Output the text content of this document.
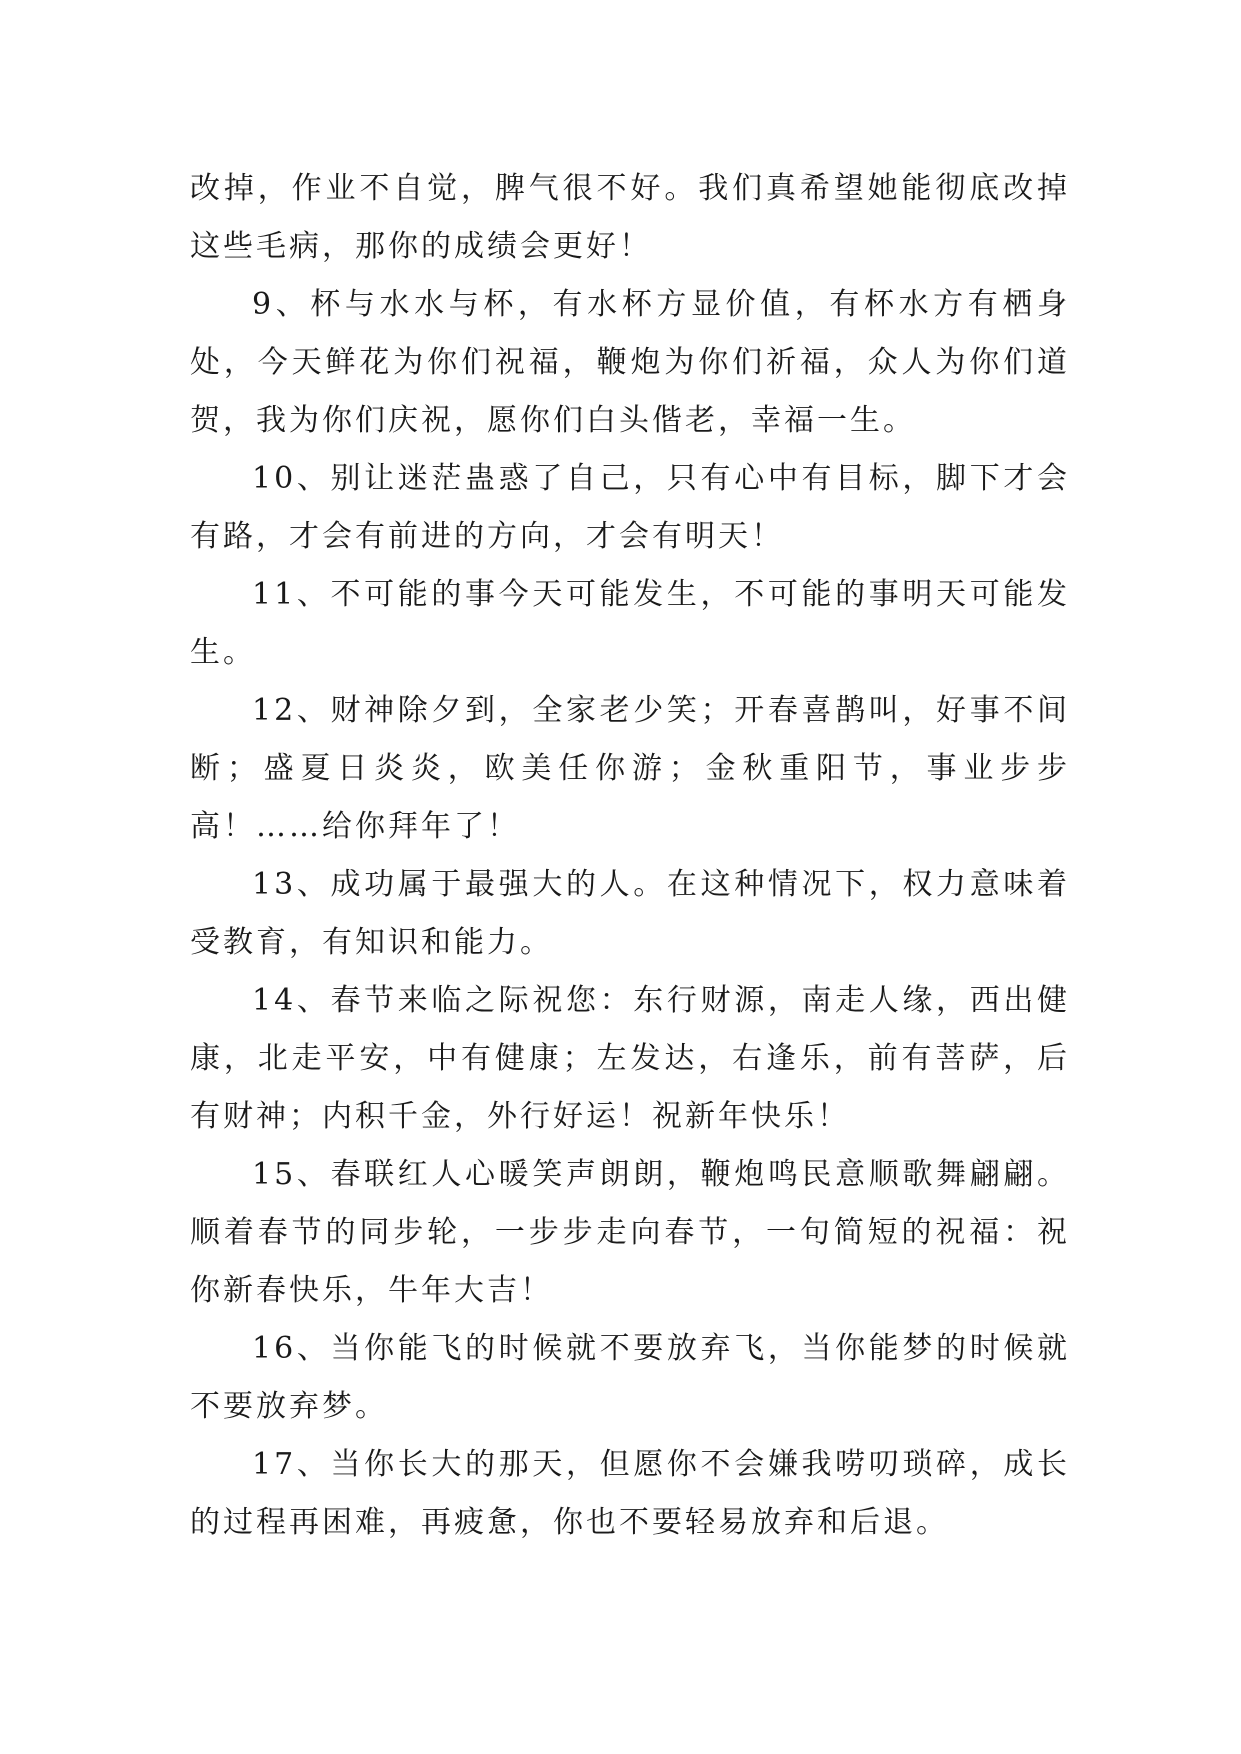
改掉，作业不自觉，脾气很不好。我们真希望她能彻底改掉这些毛病，那你的成绩会更好！

9、杯与水水与杯，有水杯方显价值，有杯水方有栖身处，今天鲜花为你们祝福，鞭炮为你们祈福，众人为你们道贺，我为你们庆祝，愿你们白头偕老，幸福一生。

10、别让迷茫蛊惑了自己，只有心中有目标，脚下才会有路，才会有前进的方向，才会有明天！

11、不可能的事今天可能发生，不可能的事明天可能发生。

12、财神除夕到，全家老少笑；开春喜鹊叫，好事不间断；盛夏日炎炎，欧美任你游；金秋重阳节，事业步步高！……给你拜年了！

13、成功属于最强大的人。在这种情况下，权力意味着受教育，有知识和能力。

14、春节来临之际祝您：东行财源，南走人缘，西出健康，北走平安，中有健康；左发达，右逢乐，前有菩萨，后有财神；内积千金，外行好运！祝新年快乐！

15、春联红人心暖笑声朗朗，鞭炮鸣民意顺歌舞翩翩。顺着春节的同步轮，一步步走向春节，一句简短的祝福：祝你新春快乐，牛年大吉！

16、当你能飞的时候就不要放弃飞，当你能梦的时候就不要放弃梦。

17、当你长大的那天，但愿你不会嫌我唠叨琐碎，成长的过程再困难，再疲惫，你也不要轻易放弃和后退。
